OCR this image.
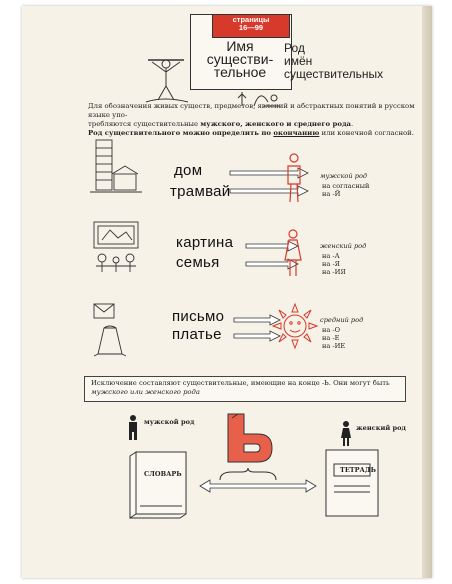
страницы
16—99
Имя
существи-
тельное
Род
имён
существительных
Для обозначения живых существ, предметов, явлений и абстрактных понятий в русском языке упо-
требляются существительные мужского, женского и среднего рода.
Род существительного можно определить по окончанию или конечной согласной.
дом
трамвай
мужской род
на согласный
на -Й
картина
семья
женский род
на -А
на -Я
на -ИЯ
письмо
платье
средний род
на -О
на -Е
на -ИЕ
Исключение составляют существительные, имеющие на конце -Ь. Они могут быть
мужского или женского рода
мужской род
женский род
СЛОВАРЬ	ТЕТРАДЬ
